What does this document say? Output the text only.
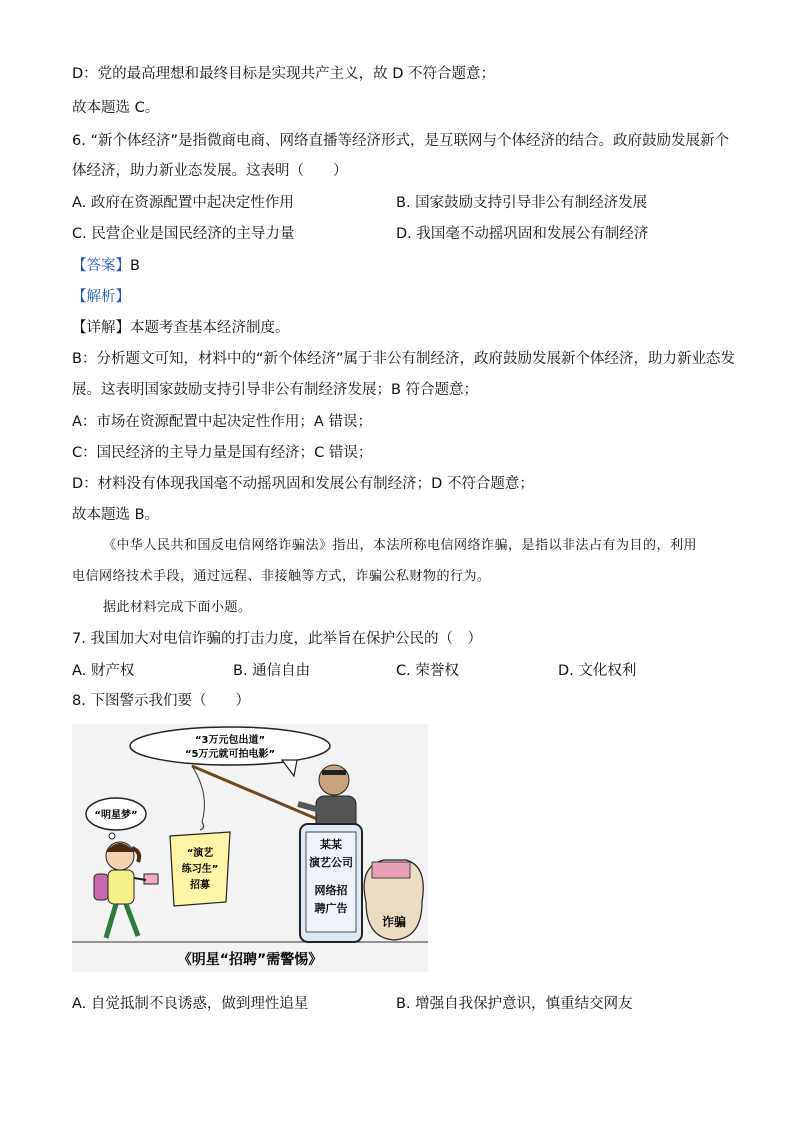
D：党的最高理想和最终目标是实现共产主义，故 D 不符合题意；
故本题选 C。
6. “新个体经济”是指微商电商、网络直播等经济形式，是互联网与个体经济的结合。政府鼓励发展新个
体经济，助力新业态发展。这表明（　　）
A. 政府在资源配置中起决定性作用	B. 国家鼓励支持引导非公有制经济发展
C. 民营企业是国民经济的主导力量	D. 我国毫不动摇巩固和发展公有制经济
【答案】B
【解析】
【详解】本题考查基本经济制度。
B：分析题文可知，材料中的“新个体经济”属于非公有制经济，政府鼓励发展新个体经济，助力新业态发
展。这表明国家鼓励支持引导非公有制经济发展；B 符合题意；
A：市场在资源配置中起决定性作用；A 错误；
C：国民经济的主导力量是国有经济；C 错误；
D：材料没有体现我国毫不动摇巩固和发展公有制经济；D 不符合题意；
故本题选 B。
《中华人民共和国反电信网络诈骗法》指出，本法所称电信网络诈骗，是指以非法占有为目的，利用
电信网络技术手段，通过远程、非接触等方式，诈骗公私财物的行为。
据此材料完成下面小题。
7. 我国加大对电信诈骗的打击力度，此举旨在保护公民的（　）
A. 财产权	B. 通信自由	C. 荣誉权	D. 文化权利
8. 下图警示我们要（　　）
“3万元包出道”
“5万元就可拍电影”
“明星梦”
“演艺
练习生”
招募
某某
演艺公司
网络招
聘广告
诈骗
《明星“招聘”需警惕》
A. 自觉抵制不良诱惑，做到理性追星	B. 增强自我保护意识，慎重结交网友
